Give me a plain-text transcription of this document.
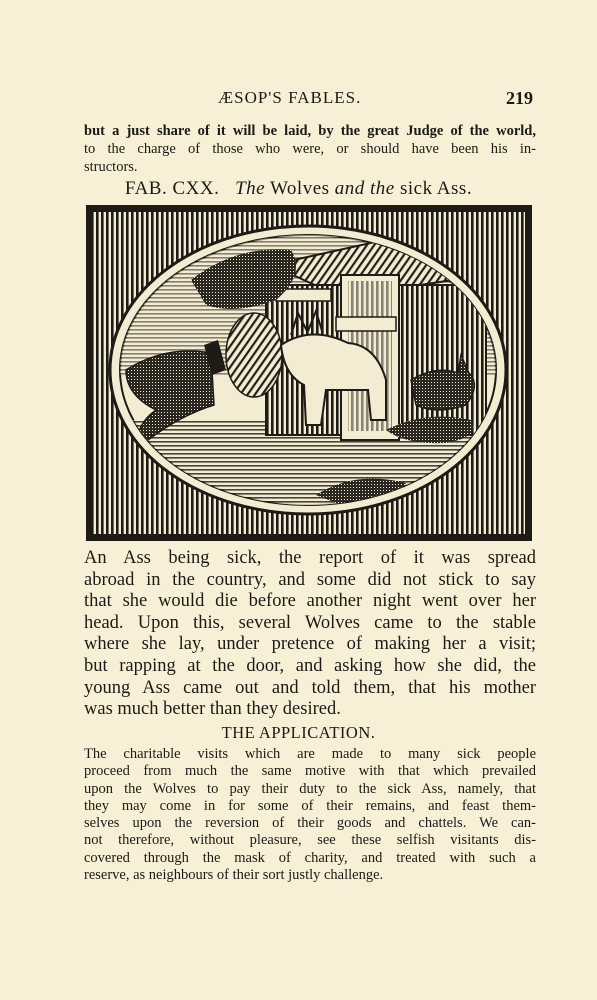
ÆSOP'S FABLES.	219
but a just share of it will be laid, by the great Judge of the world,
to the charge of those who were, or should have been his in-
structors.
FAB. CXX. The Wolves and the sick Ass.
An Ass being sick, the report of it was spread
abroad in the country, and some did not stick to say
that she would die before another night went over her
head. Upon this, several Wolves came to the stable
where she lay, under pretence of making her a visit;
but rapping at the door, and asking how she did, the
young Ass came out and told them, that his mother
was much better than they desired.
THE APPLICATION.
The charitable visits which are made to many sick people
proceed from much the same motive with that which prevailed
upon the Wolves to pay their duty to the sick Ass, namely, that
they may come in for some of their remains, and feast them-
selves upon the reversion of their goods and chattels. We can-
not therefore, without pleasure, see these selfish visitants dis-
covered through the mask of charity, and treated with such a
reserve, as neighbours of their sort justly challenge.
